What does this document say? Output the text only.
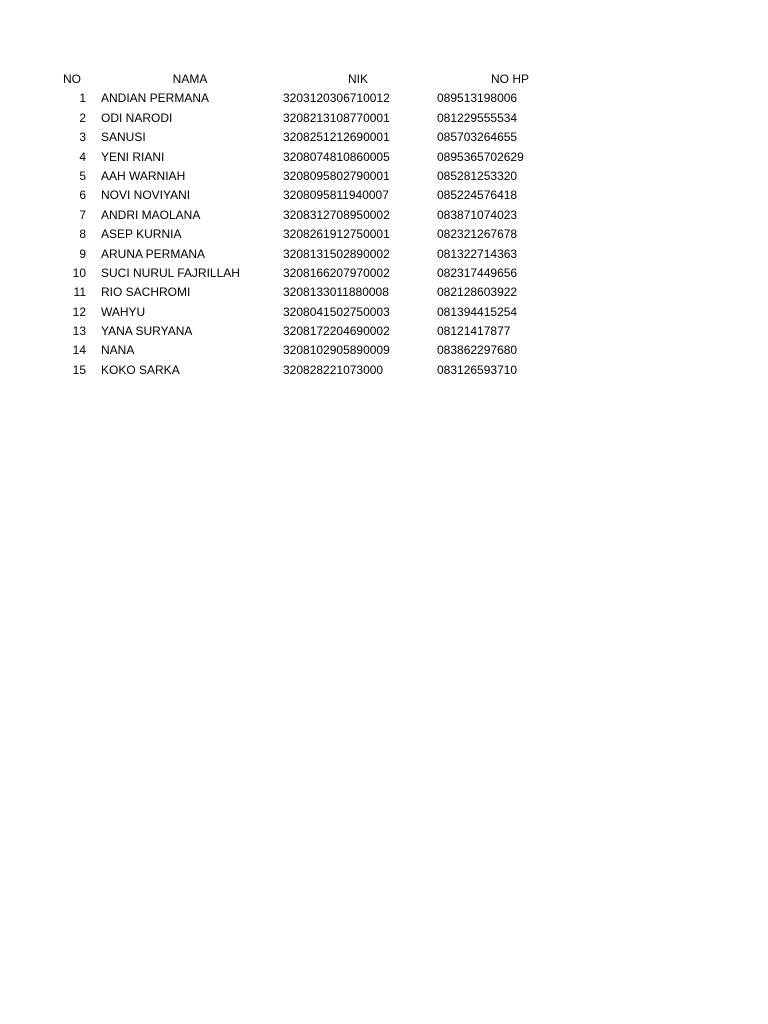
NO	NAMA	NIK	NO HP
1 ANDIAN PERMANA	3203120306710012	089513198006
2 ODI NARODI	3208213108770001	081229555534
3 SANUSI	3208251212690001	085703264655
4 YENI RIANI	3208074810860005	0895365702629
5 AAH WARNIAH	3208095802790001	085281253320
6 NOVI NOVIYANI	3208095811940007	085224576418
7 ANDRI MAOLANA	3208312708950002	083871074023
8 ASEP KURNIA	3208261912750001	082321267678
9 ARUNA PERMANA	3208131502890002	081322714363
10 SUCI NURUL FAJRILLAH	3208166207970002	082317449656
11 RIO SACHROMI	3208133011880008	082128603922
12 WAHYU	3208041502750003	081394415254
13 YANA SURYANA	3208172204690002	08121417877
14 NANA	3208102905890009	083862297680
15 KOKO SARKA	320828221073000	083126593710
